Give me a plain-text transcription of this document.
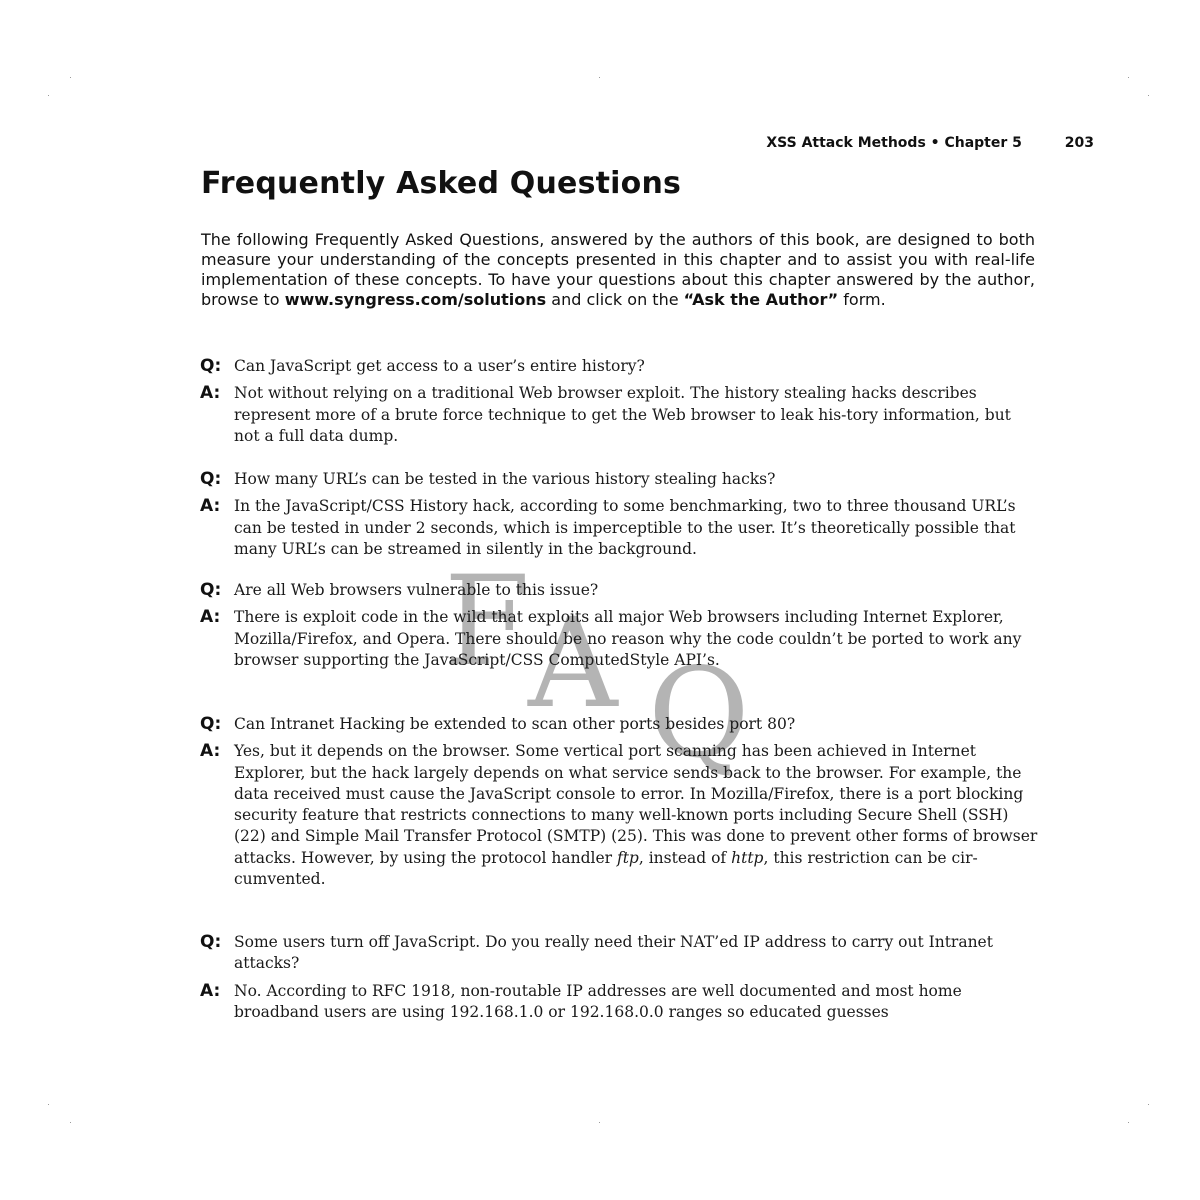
XSS Attack Methods • Chapter 5	203
Frequently Asked Questions

The following Frequently Asked Questions, answered by the authors of this book, are designed to both measure your understanding of the concepts presented in this chapter and to assist you with real-life implementation of these concepts. To have your questions about this chapter answered by the author, browse to www.syngress.com/solutions and click on the “Ask the Author” form.

F
A Q
Q: Can JavaScript get access to a user’s entire history?
A: Not without relying on a traditional Web browser exploit. The history stealing hacks describes represent more of a brute force technique to get the Web browser to leak his-tory information, but not a full data dump.
Q: How many URL’s can be tested in the various history stealing hacks?
A: In the JavaScript/CSS History hack, according to some benchmarking, two to three thousand URL’s can be tested in under 2 seconds, which is imperceptible to the user. It’s theoretically possible that many URL’s can be streamed in silently in the background.
Q: Are all Web browsers vulnerable to this issue?
A: There is exploit code in the wild that exploits all major Web browsers including Internet Explorer, Mozilla/Firefox, and Opera. There should be no reason why the code couldn’t be ported to work any browser supporting the JavaScript/CSS ComputedStyle API’s.
Q: Can Intranet Hacking be extended to scan other ports besides port 80?
A: Yes, but it depends on the browser. Some vertical port scanning has been achieved in Internet Explorer, but the hack largely depends on what service sends back to the browser. For example, the data received must cause the JavaScript console to error. In Mozilla/Firefox, there is a port blocking security feature that restricts connections to many well-known ports including Secure Shell (SSH) (22) and Simple Mail Transfer Protocol (SMTP) (25). This was done to prevent other forms of browser attacks. However, by using the protocol handler ftp, instead of http, this restriction can be cir-cumvented.
Q: Some users turn off JavaScript. Do you really need their NAT’ed IP address to carry out Intranet attacks?
A: No. According to RFC 1918, non-routable IP addresses are well documented and most home broadband users are using 192.168.1.0 or 192.168.0.0 ranges so educated guesses
